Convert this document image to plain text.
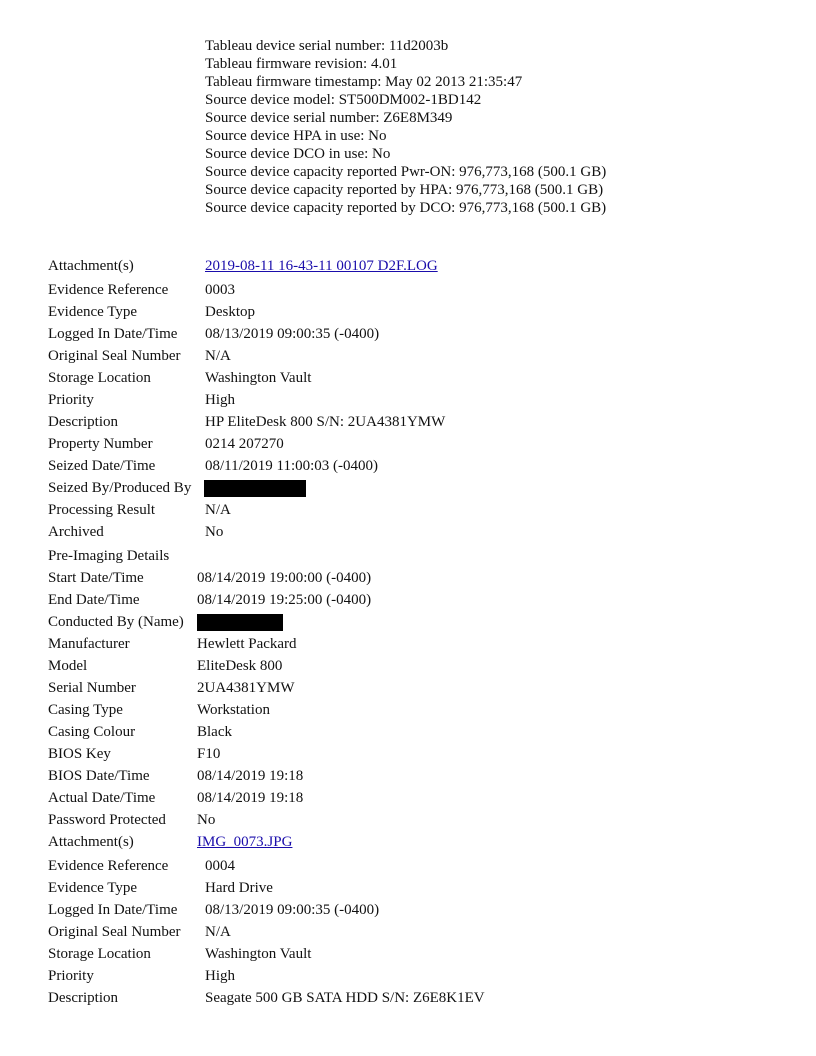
Tableau device serial number: 11d2003b
Tableau firmware revision: 4.01
Tableau firmware timestamp: May 02 2013 21:35:47
Source device model: ST500DM002-1BD142
Source device serial number: Z6E8M349
Source device HPA in use: No
Source device DCO in use: No
Source device capacity reported Pwr-ON: 976,773,168 (500.1 GB)
Source device capacity reported by HPA: 976,773,168 (500.1 GB)
Source device capacity reported by DCO: 976,773,168 (500.1 GB)
Attachment(s)	2019-08-11 16-43-11 00107 D2F.LOG
Evidence Reference 0003
Evidence Type	Desktop
Logged In Date/Time 08/13/2019 09:00:35 (-0400)
Original Seal Number N/A
Storage Location	Washington Vault
Priority	High
Description	HP EliteDesk 800 S/N: 2UA4381YMW
Property Number	0214 207270
Seized Date/Time	08/11/2019 11:00:03 (-0400)
Seized By/Produced By
Processing Result	N/A
Archived	No
Pre-Imaging Details
Start Date/Time	08/14/2019 19:00:00 (-0400)
End Date/Time	08/14/2019 19:25:00 (-0400)
Conducted By (Name)
Manufacturer	Hewlett Packard
Model	EliteDesk 800
Serial Number	2UA4381YMW
Casing Type	Workstation
Casing Colour	Black
BIOS Key	F10
BIOS Date/Time	08/14/2019 19:18
Actual Date/Time	08/14/2019 19:18
Password Protected No
Attachment(s)	IMG_0073.JPG
Evidence Reference 0004
Evidence Type	Hard Drive
Logged In Date/Time 08/13/2019 09:00:35 (-0400)
Original Seal Number N/A
Storage Location	Washington Vault
Priority	High
Description	Seagate 500 GB SATA HDD S/N: Z6E8K1EV
